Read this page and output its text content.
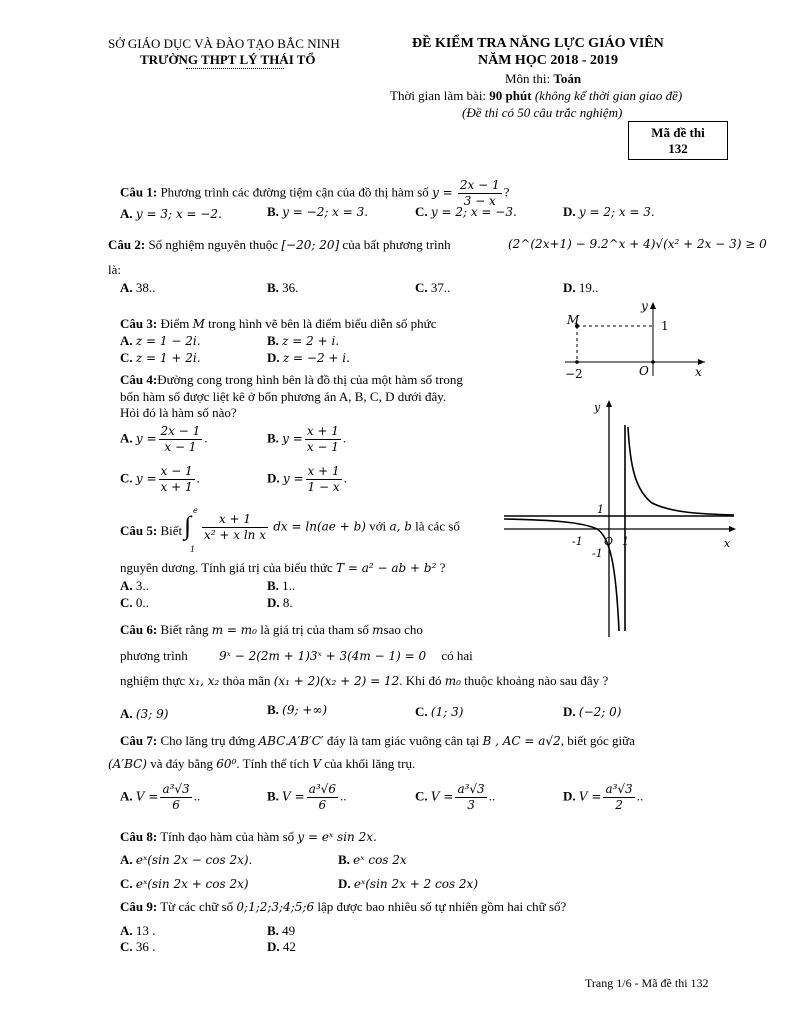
SỞ GIÁO DỤC VÀ ĐÀO TẠO BẮC NINH
TRƯỜNG THPT LÝ THÁI TỔ
ĐỀ KIỂM TRA NĂNG LỰC GIÁO VIÊN
NĂM HỌC 2018 - 2019
Môn thi: Toán
Thời gian làm bài: 90 phút (không kể thời gian giao đề)
(Đề thi có 50 câu trắc nghiệm)
Mã đề thi
132
Câu 1: Phương trình các đường tiệm cận của đồ thị hàm số $y = \frac{2x - 1}{3 - x}$ ?
A. y = 3; x = −2.	B. y = −2; x = 3.	C. y = 2; x = −3.	D. y = 2; x = 3.
Câu 2: Số nghiệm nguyên thuộc [−20; 20] của bất phương trình	(2^(2x+1) − 9.2^x + 4)√(x² + 2x − 3) ≥ 0
là:
A. 38..	B. 36.	C. 37..	D. 19..
y
x
M	1
−2	O
Câu 3: Điểm M trong hình vẽ bên là điểm biểu diễn số phức
A. z = 1 − 2i.	B. z = 2 + i.
C. z = 1 + 2i.	D. z = −2 + i.
Câu 4:Đường cong trong hình bên là đồ thị của một hàm số trong
bốn hàm số được liệt kê ở bốn phương án A, B, C, D dưới đây.
Hỏi đó là hàm số nào?
A. $y = \frac{2x - 1}{x - 1}$ .	B. $y = \frac{x + 1}{x - 1}$ .
C. $y = \frac{x - 1}{x + 1}$ .	D. $y = \frac{x + 1}{1 - x}$ .
y
x
1
-1 O 1
-1
Câu 5: Biết ∫
e
1
$\frac{x + 1}{\text{x² + x ln x}}$ dx = ln(ae + b) với a, b là các số
nguyên dương. Tính giá trị của biểu thức T = a² − ab + b² ?
A. 3..	B. 1..
C. 0..	D. 8.
Câu 6: Biết rằng m = m₀ là giá trị của tham số msao cho
phương trình	9ˣ − 2(2m + 1)3ˣ + 3(4m − 1) = 0 có hai
nghiệm thực x₁, x₂ thỏa mãn (x₁ + 2)(x₂ + 2) = 12. Khi đó m₀ thuộc khoảng nào sau đây ?
A. (3; 9)	B. (9; +∞)	C. (1; 3)	D. (−2; 0)
Câu 7: Cho lăng trụ đứng ABC.A′B′C′ đáy là tam giác vuông cân tại B , AC = a√2, biết góc giữa
(A′BC) và đáy bằng 60⁰. Tính thể tích V của khối lăng trụ.
A. $V = \frac{\text{a³√3}}{6}$ ..	B. $V = \frac{\text{a³√6}}{6}$ ..	C. $V = \frac{\text{a³√3}}{3}$ ..	D. $V = \frac{\text{a³√3}}{2}$ ..
Câu 8: Tính đạo hàm của hàm số y = eˣ sin 2x.
A. eˣ(sin 2x − cos 2x).	B. eˣ cos 2x
C. eˣ(sin 2x + cos 2x)	D. eˣ(sin 2x + 2 cos 2x)
Câu 9: Từ các chữ số 0;1;2;3;4;5;6 lập được bao nhiêu số tự nhiên gồm hai chữ số?
A. 13 .	B. 49
C. 36 .	D. 42
Trang 1/6 - Mã đề thi 132
